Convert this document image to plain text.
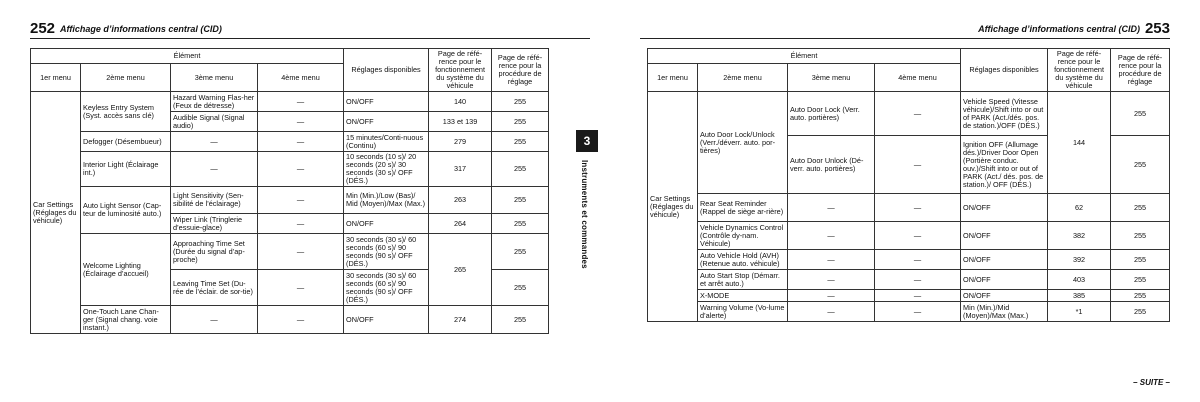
252 Affichage d’informations central (CID)
Élément				Réglages disponibles	Page de réfé-rence pour le fonctionnement du système du véhicule	Page de réfé-rence pour la procédure de réglage
1er menu	2ème menu	3ème menu	4ème menu			
Car Settings (Réglages du véhicule)	Keyless Entry System (Syst. accès sans clé)	Hazard Warning Flas-her (Feux de détresse)	—	ON/OFF	140	255
		Audible Signal (Signal audio)	—	ON/OFF	133 et 139	255
	Defogger (Désembueur)	—	—	15 minutes/Conti-nuous (Continu)	279	255
	Interior Light (Éclairage int.)	—	—	10 seconds (10 s)/ 20 seconds (20 s)/ 30 seconds (30 s)/ OFF (DÉS.)	317	255
	Auto Light Sensor (Cap-teur de luminosité auto.)	Light Sensitivity (Sen-sibilité de l’éclairage)	—	Min (Min.)/Low (Bas)/ Mid (Moyen)/Max (Max.)	263	255
		Wiper Link (Tringlerie d’essuie-glace)	—	ON/OFF	264	255
	Welcome Lighting (Éclairage d’accueil)	Approaching Time Set (Durée du signal d’ap-proche)	—	30 seconds (30 s)/ 60 seconds (60 s)/ 90 seconds (90 s)/ OFF (DÉS.)	265	255
		Leaving Time Set (Du-rée de l’éclair. de sor-tie)	—	30 seconds (30 s)/ 60 seconds (60 s)/ 90 seconds (90 s)/ OFF (DÉS.)		255
	One-Touch Lane Chan-ger (Signal chang. voie instant.)	—	—	ON/OFF	274	255
Affichage d’informations central (CID) 253
Élément				Réglages disponibles	Page de réfé-rence pour le fonctionnement du système du véhicule	Page de réfé-rence pour la procédure de réglage
1er menu	2ème menu	3ème menu	4ème menu			
Car Settings (Réglages du véhicule)	Auto Door Lock/Unlock (Verr./déverr. auto. por-tières)	Auto Door Lock (Verr. auto. portières)	—	Vehicle Speed (Vitesse véhicule)/Shift into or out of PARK (Act./dés. pos. de station.)/OFF (DÉS.)	144	255
		Auto Door Unlock (Dé-verr. auto. portières)	—	Ignition OFF (Allumage dés.)/Driver Door Open (Portière conduc. ouv.)/Shift into or out of PARK (Act./ dés. pos. de station.)/ OFF (DÉS.)		255
	Rear Seat Reminder (Rappel de siège ar-rière)	—	—	ON/OFF	62	255
	Vehicle Dynamics Control (Contrôle dy-nam. Véhicule)	—	—	ON/OFF	382	255
	Auto Vehicle Hold (AVH) (Retenue auto. véhicule)	—	—	ON/OFF	392	255
	Auto Start Stop (Démarr. et arrêt auto.)	—	—	ON/OFF	403	255
	X-MODE	—	—	ON/OFF	385	255
	Warning Volume (Vo-lume d’alerte)	—	—	Min (Min.)/Mid (Moyen)/Max (Max.)	*1	255
3
Instruments et commandes
– SUITE –
